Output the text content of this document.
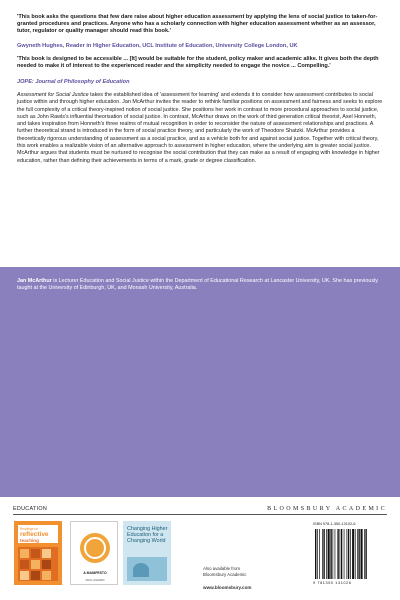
'This book asks the questions that few dare raise about higher education assessment by applying the lens of social justice to taken-for-granted procedures and practices. Anyone who has a scholarly connection with higher education assessment whether as an assessor, tutor, regulator or quality manager should read this book.'

Gwyneth Hughes, Reader in Higher Education, UCL Institute of Education, University College London, UK

'This book is designed to be accessible ... [It] would be suitable for the student, policy maker and academic alike. It gives both the depth needed to make it of interest to the experienced reader and the simplicity needed to engage the novice ... Compelling.'

JOPE: Journal of Philosophy of Education

Assessment for Social Justice takes the established idea of 'assessment for learning' and extends it to consider how assessment contributes to social justice within and through higher education. Jan McArthur invites the reader to rethink familiar positions on assessment and fairness and seeks to explore the full complexity of a critical theory-inspired notion of social justice. She positions her work in contrast to more procedural approaches to social justice, such as John Rawls's influential theorisation of social justice. In contrast, McArthur draws on the work of third generation critical theorist, Axel Honneth, and takes inspiration from Honneth's three realms of mutual recognition in order to reconsider the nature of assessment relationships and practices. A further theoretical strand is introduced in the form of social practice theory, and particularly the work of Theodore Shatzki. McArthur provides a theoretically rigorous understanding of assessment as a social practice, and as a vehicle both for and against social justice. Together with critical theory, this work enables a realizable vision of an alternative approach to assessment in higher education, where the underlying aim is greater social justice. McArthur argues that students must be nurtured to recognise the social contribution that they can make as a result of engaging with knowledge in higher education, rather than defining their achievements in terms of a mark, grade or degree classification.

Jan McArthur is Lecturer Education and Social Justice within the Department of Educational Research at Lancaster University, UK. She has previously taught at the University of Edinburgh, UK, and Monash University, Australia.

EDUCATION	BLOOMSBURY ACADEMIC
Readings for
reflective
teaching
A MANIFESTO
PAUL ASHWIN
Changing Higher Education for a Changing World

Also available from
Bloomsbury Academic

www.bloomsbury.com
ISBN 978-1-350-13102-6
9 781350 131026
